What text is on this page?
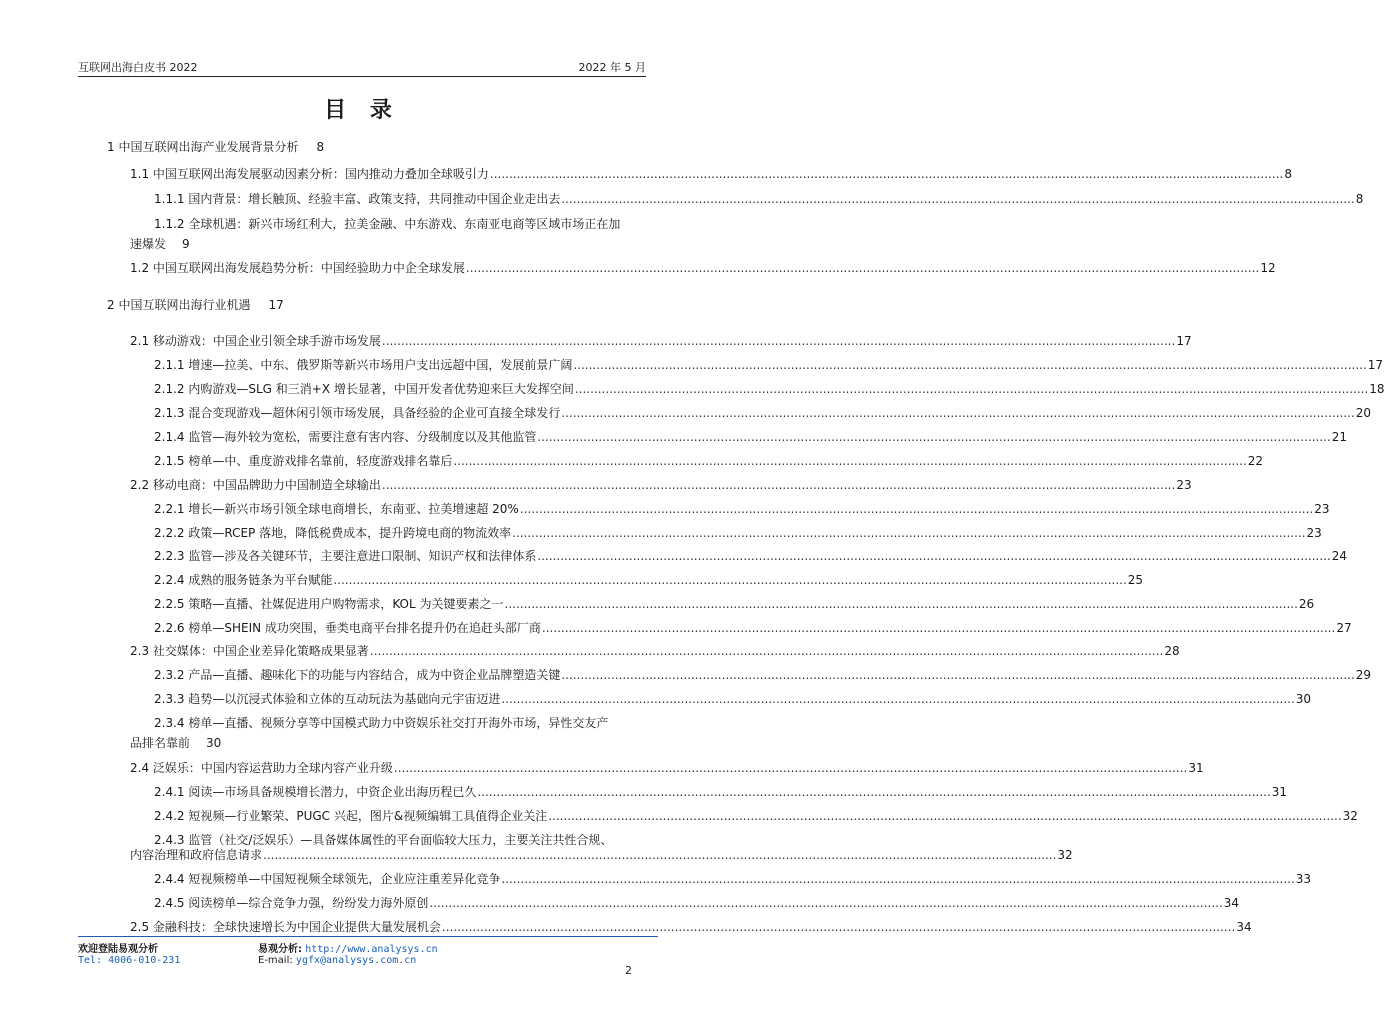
互联网出海白皮书 2022	2022 年 5 月
目 录
1 中国互联网出海产业发展背景分析 8
1.1 中国互联网出海发展驱动因素分析：国内推动力叠加全球吸引力 .....	8
1.1.1 国内背景：增长触顶、经验丰富、政策支持，共同推动中国企业走出去 .....	8
1.1.2 全球机遇：新兴市场红利大，拉美金融、中东游戏、东南亚电商等区域市场正在加
速爆发 9
1.2 中国互联网出海发展趋势分析：中国经验助力中企全球发展 .....	12
2 中国互联网出海行业机遇 17
2.1 移动游戏：中国企业引领全球手游市场发展 .....	17
2.1.1 增速—拉美、中东、俄罗斯等新兴市场用户支出远超中国，发展前景广阔 .....	17
2.1.2 内购游戏—SLG 和三消+X 增长显著，中国开发者优势迎来巨大发挥空间 .....	18
2.1.3 混合变现游戏—超休闲引领市场发展，具备经验的企业可直接全球发行 .....	20
2.1.4 监管—海外较为宽松，需要注意有害内容、分级制度以及其他监管 .....	21
2.1.5 榜单—中、重度游戏排名靠前，轻度游戏排名靠后 .....	22
2.2 移动电商：中国品牌助力中国制造全球输出 .....	23
2.2.1 增长—新兴市场引领全球电商增长，东南亚、拉美增速超 20% .....	23
2.2.2 政策—RCEP 落地，降低税费成本，提升跨境电商的物流效率 .....	23
2.2.3 监管—涉及各关键环节，主要注意进口限制、知识产权和法律体系 .....	24
2.2.4 成熟的服务链条为平台赋能 .....	25
2.2.5 策略—直播、社媒促进用户购物需求，KOL 为关键要素之一 .....	26
2.2.6 榜单—SHEIN 成功突围，垂类电商平台排名提升仍在追赶头部厂商 .....	27
2.3 社交媒体：中国企业差异化策略成果显著 .....	28
2.3.2 产品—直播、趣味化下的功能与内容结合，成为中资企业品牌塑造关键 .....	29
2.3.3 趋势—以沉浸式体验和立体的互动玩法为基础向元宇宙迈进 .....	30
2.3.4 榜单—直播、视频分享等中国模式助力中资娱乐社交打开海外市场，异性交友产
品排名靠前 30
2.4 泛娱乐：中国内容运营助力全球内容产业升级 .....	31
2.4.1 阅读—市场具备规模增长潜力，中资企业出海历程已久 .....	31
2.4.2 短视频—行业繁荣、PUGC 兴起，图片&视频编辑工具值得企业关注 .....	32
2.4.3 监管（社交/泛娱乐）—具备媒体属性的平台面临较大压力，主要关注共性合规、
内容治理和政府信息请求 .....	32
2.4.4 短视频榜单—中国短视频全球领先，企业应注重差异化竞争 .....	33
2.4.5 阅读榜单—综合竞争力强，纷纷发力海外原创 .....	34
2.5 金融科技：全球快速增长为中国企业提供大量发展机会 .....	34
欢迎登陆易观分析
Tel: 4006-010-231
易观分析: http://www.analysys.cn
E-mail: ygfx@analysys.com.cn
2
